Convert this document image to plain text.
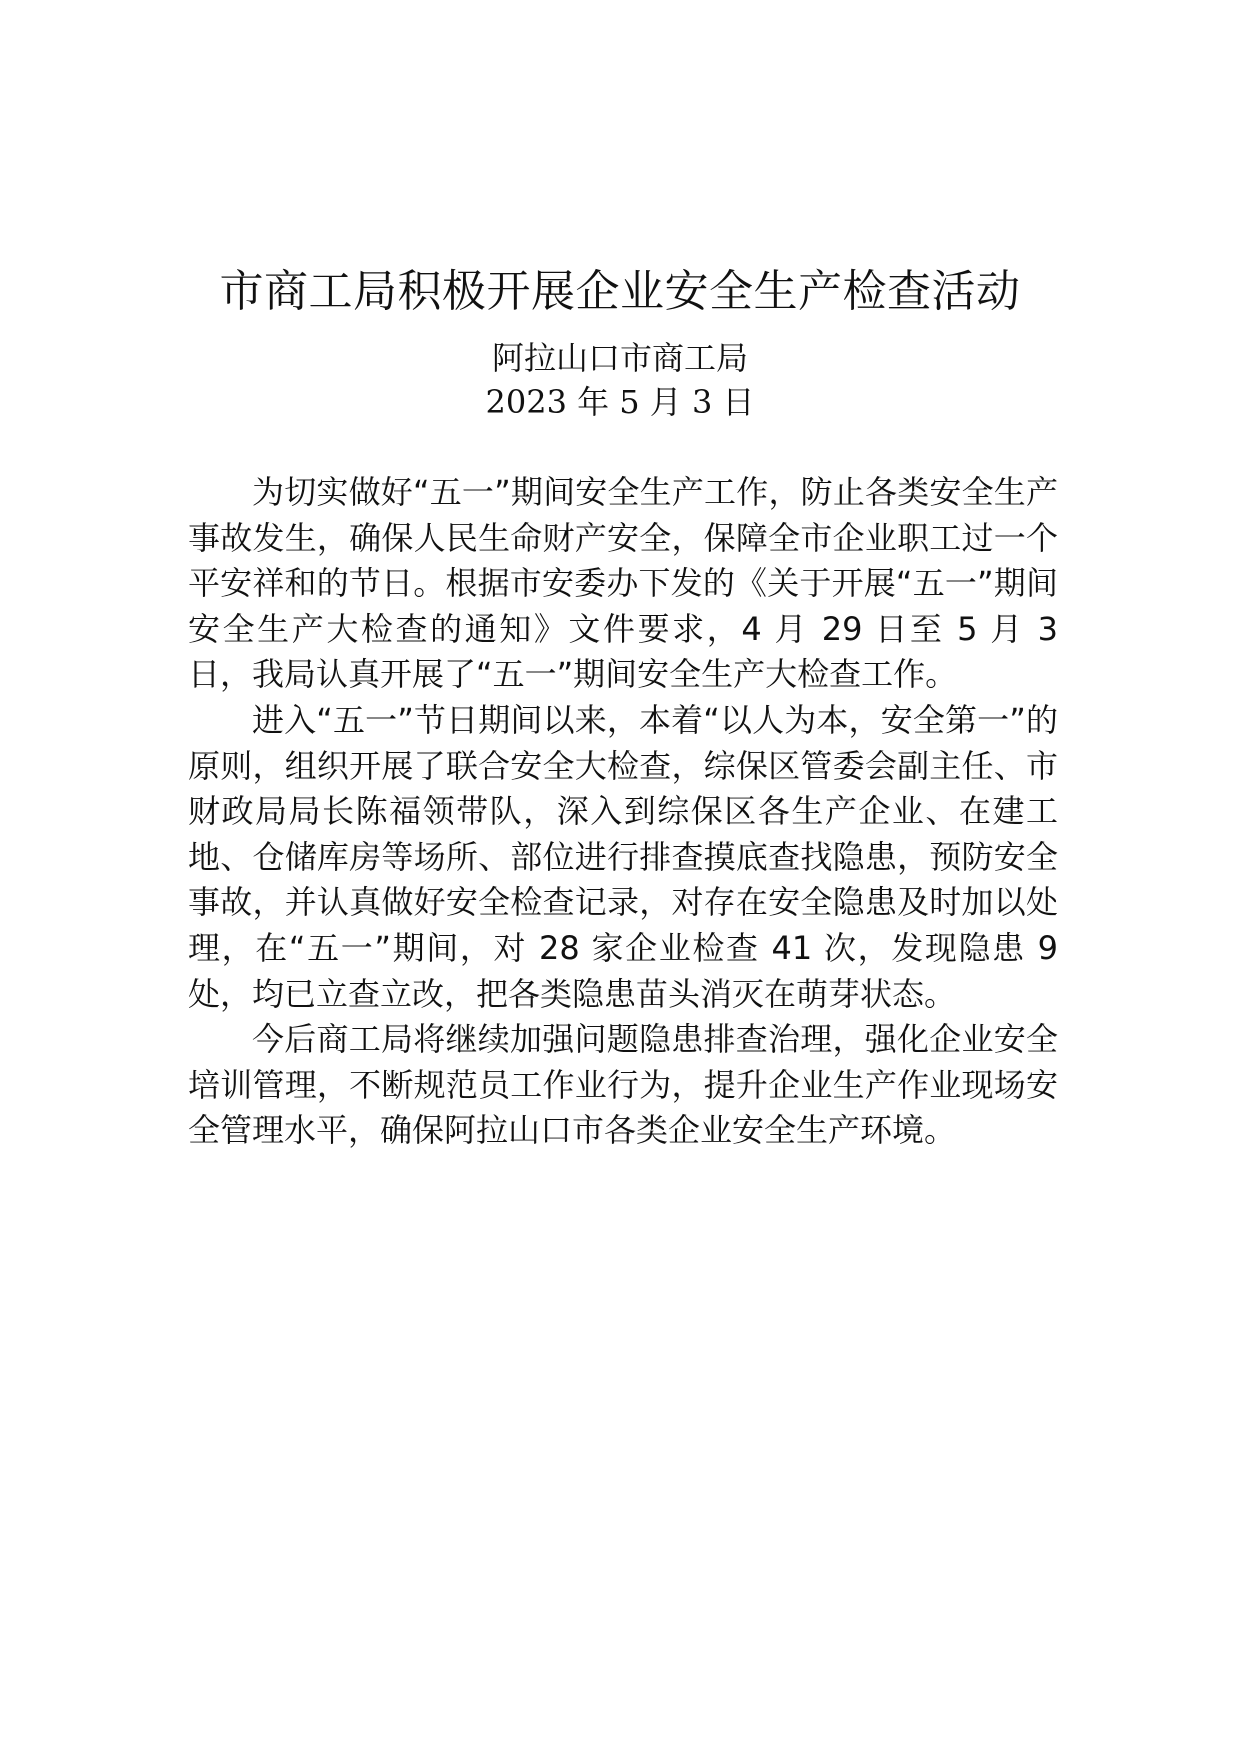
市商工局积极开展企业安全生产检查活动
阿拉山口市商工局
2023 年 5 月 3 日

为切实做好“五一”期间安全生产工作，防止各类安全生产事故发生，确保人民生命财产安全，保障全市企业职工过一个平安祥和的节日。根据市安委办下发的《关于开展“五一”期间安全生产大检查的通知》文件要求，4 月 29 日至 5 月 3 日，我局认真开展了“五一”期间安全生产大检查工作。

进入“五一”节日期间以来，本着“以人为本，安全第一”的原则，组织开展了联合安全大检查，综保区管委会副主任、市财政局局长陈福领带队，深入到综保区各生产企业、在建工地、仓储库房等场所、部位进行排查摸底查找隐患，预防安全事故，并认真做好安全检查记录，对存在安全隐患及时加以处理，在“五一”期间，对 28 家企业检查 41 次，发现隐患 9 处，均已立查立改，把各类隐患苗头消灭在萌芽状态。

今后商工局将继续加强问题隐患排查治理，强化企业安全培训管理，不断规范员工作业行为，提升企业生产作业现场安全管理水平，确保阿拉山口市各类企业安全生产环境。
